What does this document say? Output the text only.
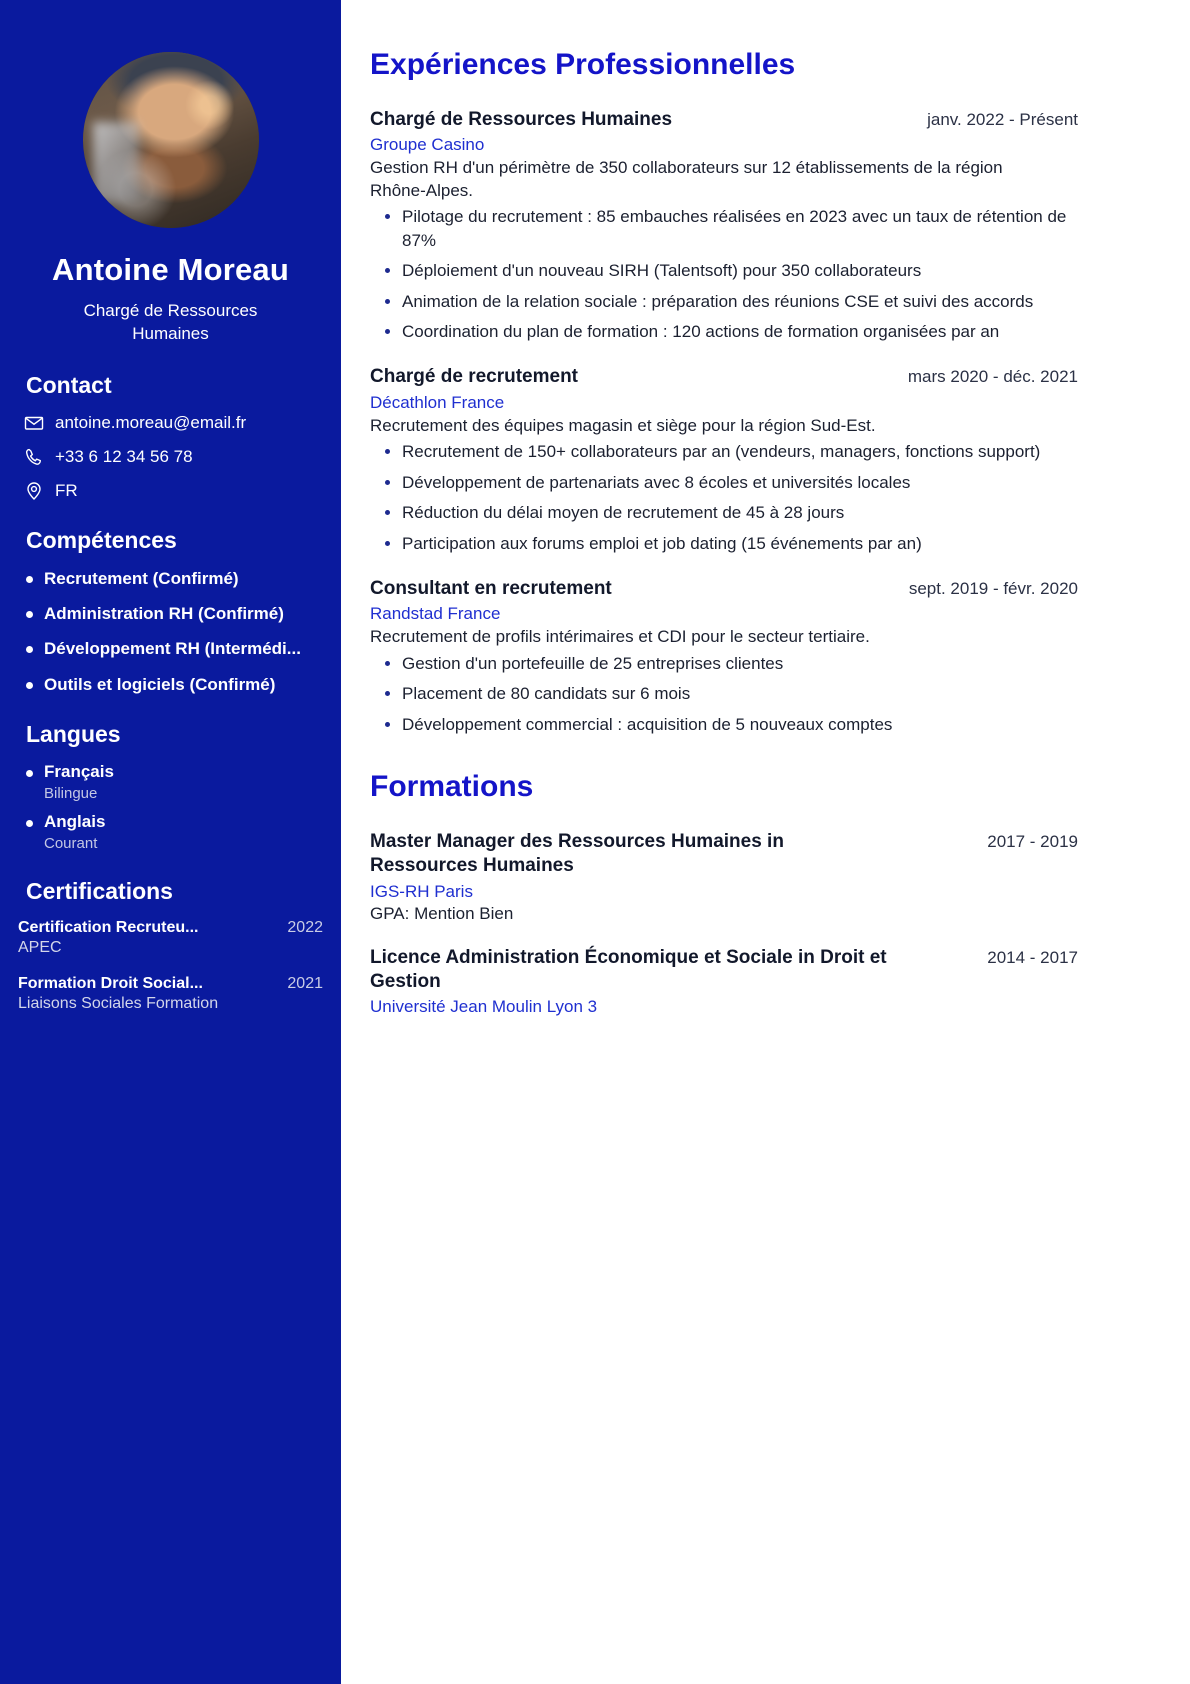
Antoine Moreau
Chargé de Ressources Humaines
Contact
antoine.moreau@email.fr
+33 6 12 34 56 78
FR
Compétences
Recrutement (Confirmé)
Administration RH (Confirmé)
Développement RH (Intermédi...
Outils et logiciels (Confirmé)
Langues
Français
Bilingue
Anglais
Courant
Certifications
Certification Recruteu...	2022
APEC
Formation Droit Social...	2021
Liaisons Sociales Formation
Expériences Professionnelles
Chargé de Ressources Humaines	janv. 2022 - Présent
Groupe Casino
Gestion RH d'un périmètre de 350 collaborateurs sur 12 établissements de la région Rhône-Alpes.
Pilotage du recrutement : 85 embauches réalisées en 2023 avec un taux de rétention de 87%
Déploiement d'un nouveau SIRH (Talentsoft) pour 350 collaborateurs
Animation de la relation sociale : préparation des réunions CSE et suivi des accords
Coordination du plan de formation : 120 actions de formation organisées par an
Chargé de recrutement	mars 2020 - déc. 2021
Décathlon France
Recrutement des équipes magasin et siège pour la région Sud-Est.
Recrutement de 150+ collaborateurs par an (vendeurs, managers, fonctions support)
Développement de partenariats avec 8 écoles et universités locales
Réduction du délai moyen de recrutement de 45 à 28 jours
Participation aux forums emploi et job dating (15 événements par an)
Consultant en recrutement	sept. 2019 - févr. 2020
Randstad France
Recrutement de profils intérimaires et CDI pour le secteur tertiaire.
Gestion d'un portefeuille de 25 entreprises clientes
Placement de 80 candidats sur 6 mois
Développement commercial : acquisition de 5 nouveaux comptes
Formations
Master Manager des Ressources Humaines in Ressources Humaines
2017 - 2019
IGS-RH Paris
GPA: Mention Bien
Licence Administration Économique et Sociale in Droit et Gestion
2014 - 2017
Université Jean Moulin Lyon 3
